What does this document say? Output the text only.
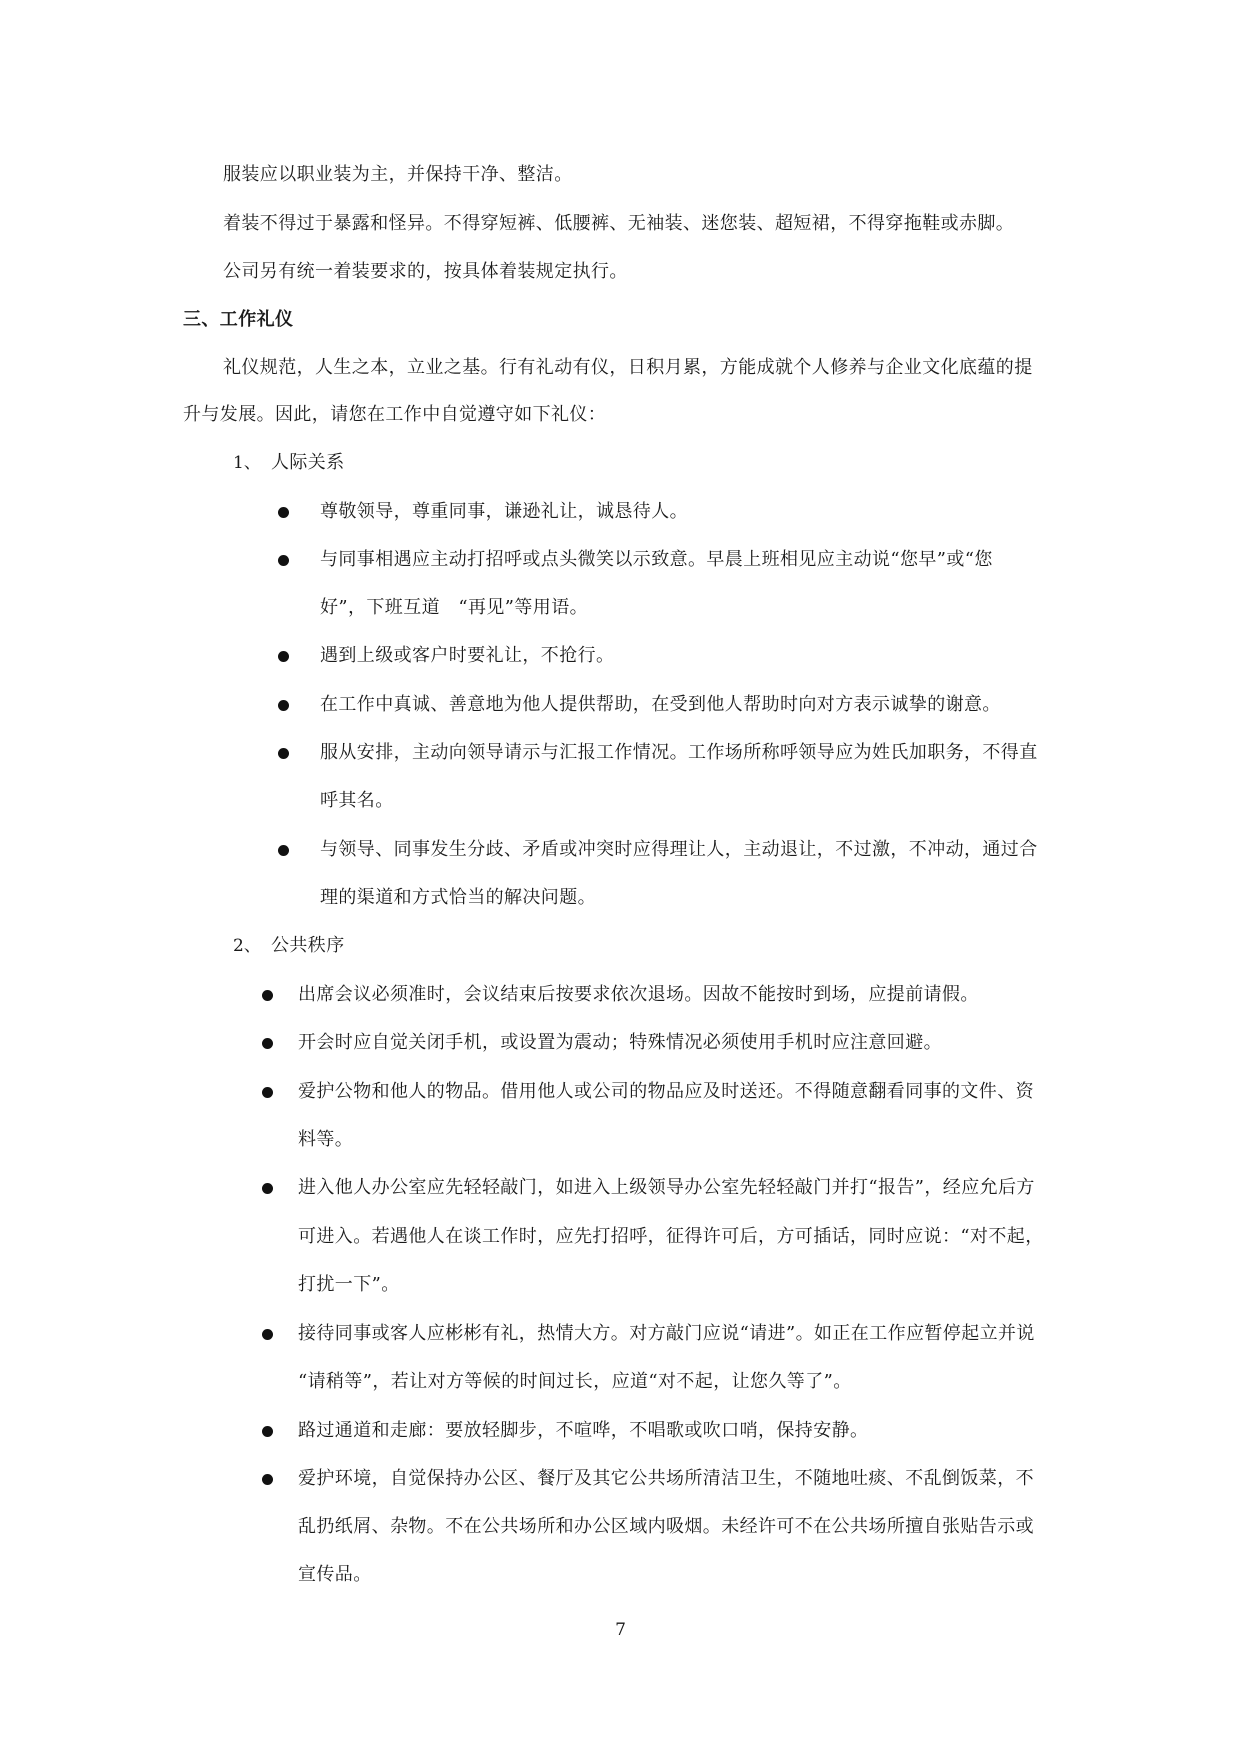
服装应以职业装为主，并保持干净、整洁。
着装不得过于暴露和怪异。不得穿短裤、低腰裤、无袖装、迷您装、超短裙，不得穿拖鞋或赤脚。
公司另有统一着装要求的，按具体着装规定执行。
三、工作礼仪
礼仪规范，人生之本，立业之基。行有礼动有仪，日积月累，方能成就个人修养与企业文化底蕴的提
升与发展。因此，请您在工作中自觉遵守如下礼仪：
1、 人际关系
尊敬领导，尊重同事，谦逊礼让，诚恳待人。
与同事相遇应主动打招呼或点头微笑以示致意。早晨上班相见应主动说“您早”或“您
好”，下班互道　“再见”等用语。
遇到上级或客户时要礼让，不抢行。
在工作中真诚、善意地为他人提供帮助，在受到他人帮助时向对方表示诚挚的谢意。
服从安排，主动向领导请示与汇报工作情况。工作场所称呼领导应为姓氏加职务，不得直
呼其名。
与领导、同事发生分歧、矛盾或冲突时应得理让人，主动退让，不过激，不冲动，通过合
理的渠道和方式恰当的解决问题。
2、 公共秩序
出席会议必须准时，会议结束后按要求依次退场。因故不能按时到场，应提前请假。
开会时应自觉关闭手机，或设置为震动；特殊情况必须使用手机时应注意回避。
爱护公物和他人的物品。借用他人或公司的物品应及时送还。不得随意翻看同事的文件、资
料等。
进入他人办公室应先轻轻敲门，如进入上级领导办公室先轻轻敲门并打“报告”，经应允后方
可进入。若遇他人在谈工作时，应先打招呼，征得许可后，方可插话，同时应说：“对不起，
打扰一下”。
接待同事或客人应彬彬有礼，热情大方。对方敲门应说“请进”。如正在工作应暂停起立并说
“请稍等”，若让对方等候的时间过长，应道“对不起，让您久等了”。
路过通道和走廊：要放轻脚步，不喧哗，不唱歌或吹口哨，保持安静。
爱护环境，自觉保持办公区、餐厅及其它公共场所清洁卫生，不随地吐痰、不乱倒饭菜，不
乱扔纸屑、杂物。不在公共场所和办公区域内吸烟。未经许可不在公共场所擅自张贴告示或
宣传品。
7
